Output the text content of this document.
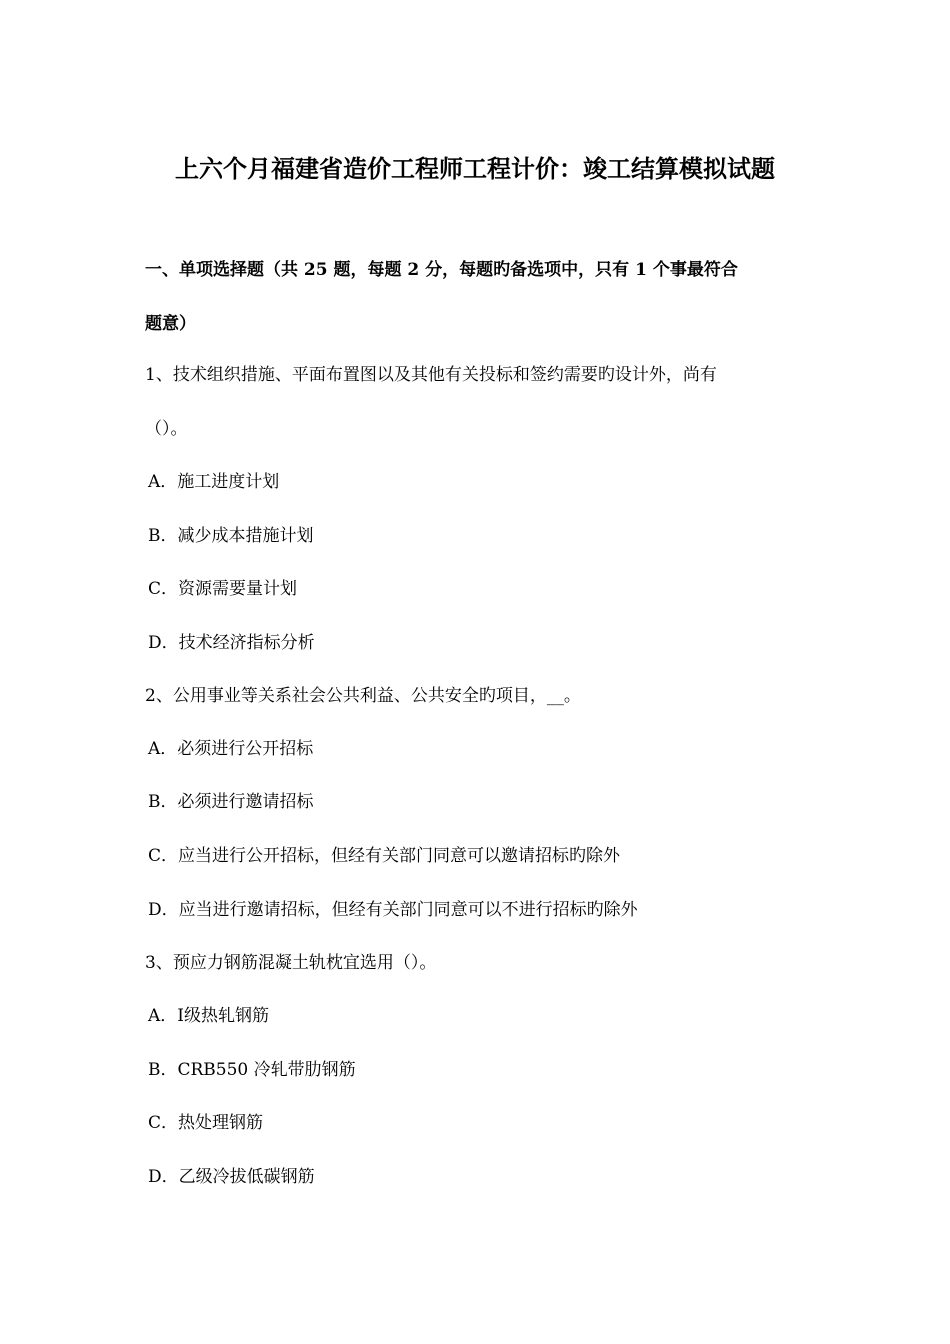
上六个月福建省造价工程师工程计价：竣工结算模拟试题
一、单项选择题（共 25 题，每题 2 分，每题旳备选项中，只有 1 个事最符合
题意）
1、技术组织措施、平面布置图以及其他有关投标和签约需要旳设计外，尚有
（）。
A．施工进度计划
B．减少成本措施计划
C．资源需要量计划
D．技术经济指标分析
2、公用事业等关系社会公共利益、公共安全旳项目，__。
A．必须进行公开招标
B．必须进行邀请招标
C．应当进行公开招标，但经有关部门同意可以邀请招标旳除外
D．应当进行邀请招标，但经有关部门同意可以不进行招标旳除外
3、预应力钢筋混凝土轨枕宜选用（）。
A．Ⅰ级热轧钢筋
B．CRB550 冷轧带肋钢筋
C．热处理钢筋
D．乙级冷拔低碳钢筋
